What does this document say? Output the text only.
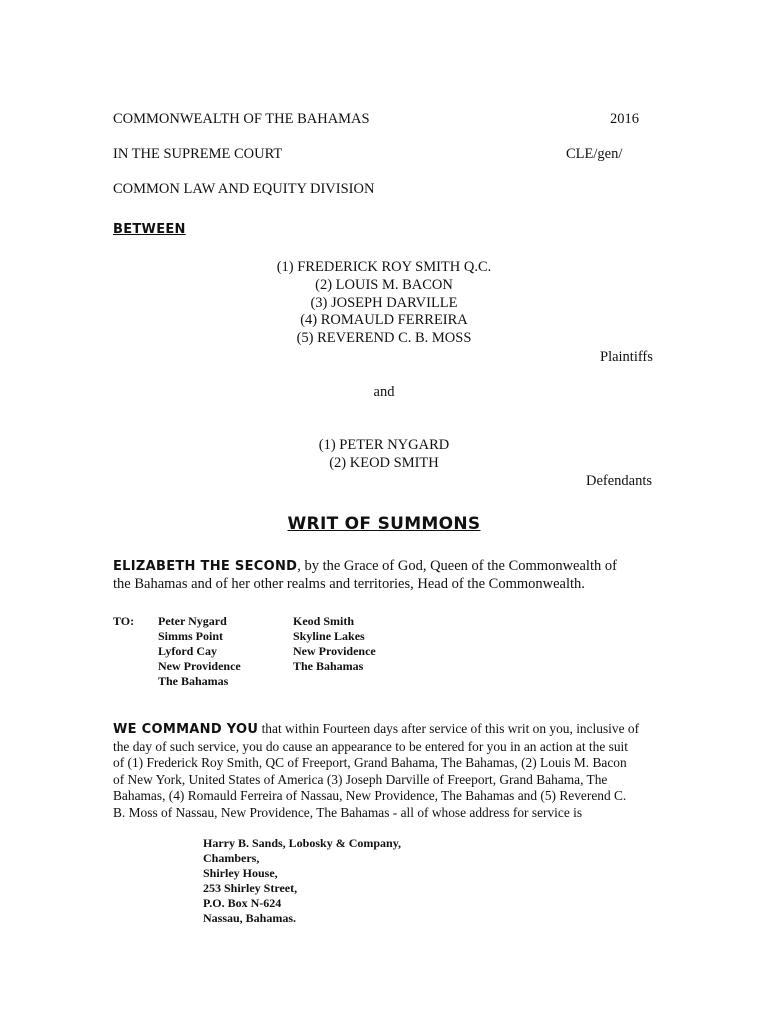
COMMONWEALTH OF THE BAHAMAS	2016
IN THE SUPREME COURT	CLE/gen/
COMMON LAW AND EQUITY DIVISION
BETWEEN
(1) FREDERICK ROY SMITH Q.C.
(2) LOUIS M. BACON
(3) JOSEPH DARVILLE
(4) ROMAULD FERREIRA
(5) REVEREND C. B. MOSS
Plaintiffs
and
(1) PETER NYGARD
(2) KEOD SMITH
Defendants
WRIT OF SUMMONS
ELIZABETH THE SECOND, by the Grace of God, Queen of the Commonwealth of
the Bahamas and of her other realms and territories, Head of the Commonwealth.
TO: Peter Nygard
Simms Point
Lyford Cay
New Providence
The Bahamas
Keod Smith
Skyline Lakes
New Providence
The Bahamas
WE COMMAND YOU that within Fourteen days after service of this writ on you, inclusive of
the day of such service, you do cause an appearance to be entered for you in an action at the suit
of (1) Frederick Roy Smith, QC of Freeport, Grand Bahama, The Bahamas, (2) Louis M. Bacon
of New York, United States of America (3) Joseph Darville of Freeport, Grand Bahama, The
Bahamas, (4) Romauld Ferreira of Nassau, New Providence, The Bahamas and (5) Reverend C.
B. Moss of Nassau, New Providence, The Bahamas - all of whose address for service is
Harry B. Sands, Lobosky & Company,
Chambers,
Shirley House,
253 Shirley Street,
P.O. Box N-624
Nassau, Bahamas.
